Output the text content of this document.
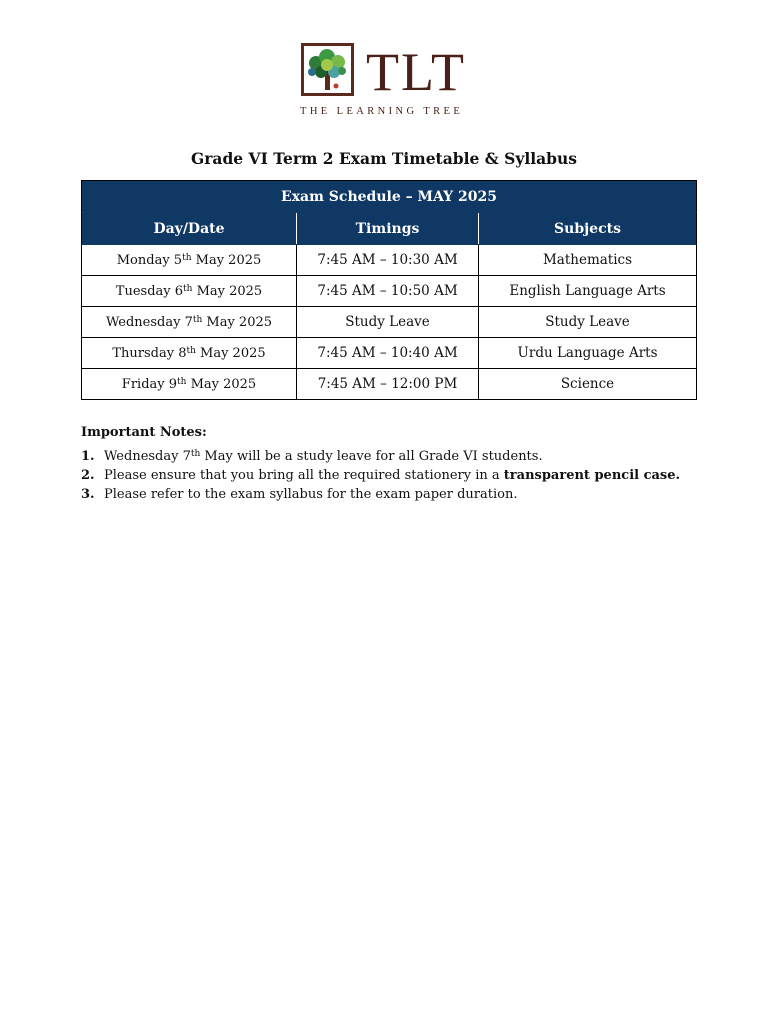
TLT
THE LEARNING TREE
Grade VI Term 2 Exam Timetable & Syllabus
Exam Schedule – MAY 2025		
Day/Date	Timings	Subjects
Monday 5th May 2025	7:45 AM – 10:30 AM	Mathematics
Tuesday 6th May 2025	7:45 AM – 10:50 AM	English Language Arts
Wednesday 7th May 2025	Study Leave	Study Leave
Thursday 8th May 2025	7:45 AM – 10:40 AM	Urdu Language Arts
Friday 9th May 2025	7:45 AM – 12:00 PM	Science
Important Notes:
1. Wednesday 7th May will be a study leave for all Grade VI students.
2. Please ensure that you bring all the required stationery in a transparent pencil case.
3. Please refer to the exam syllabus for the exam paper duration.
